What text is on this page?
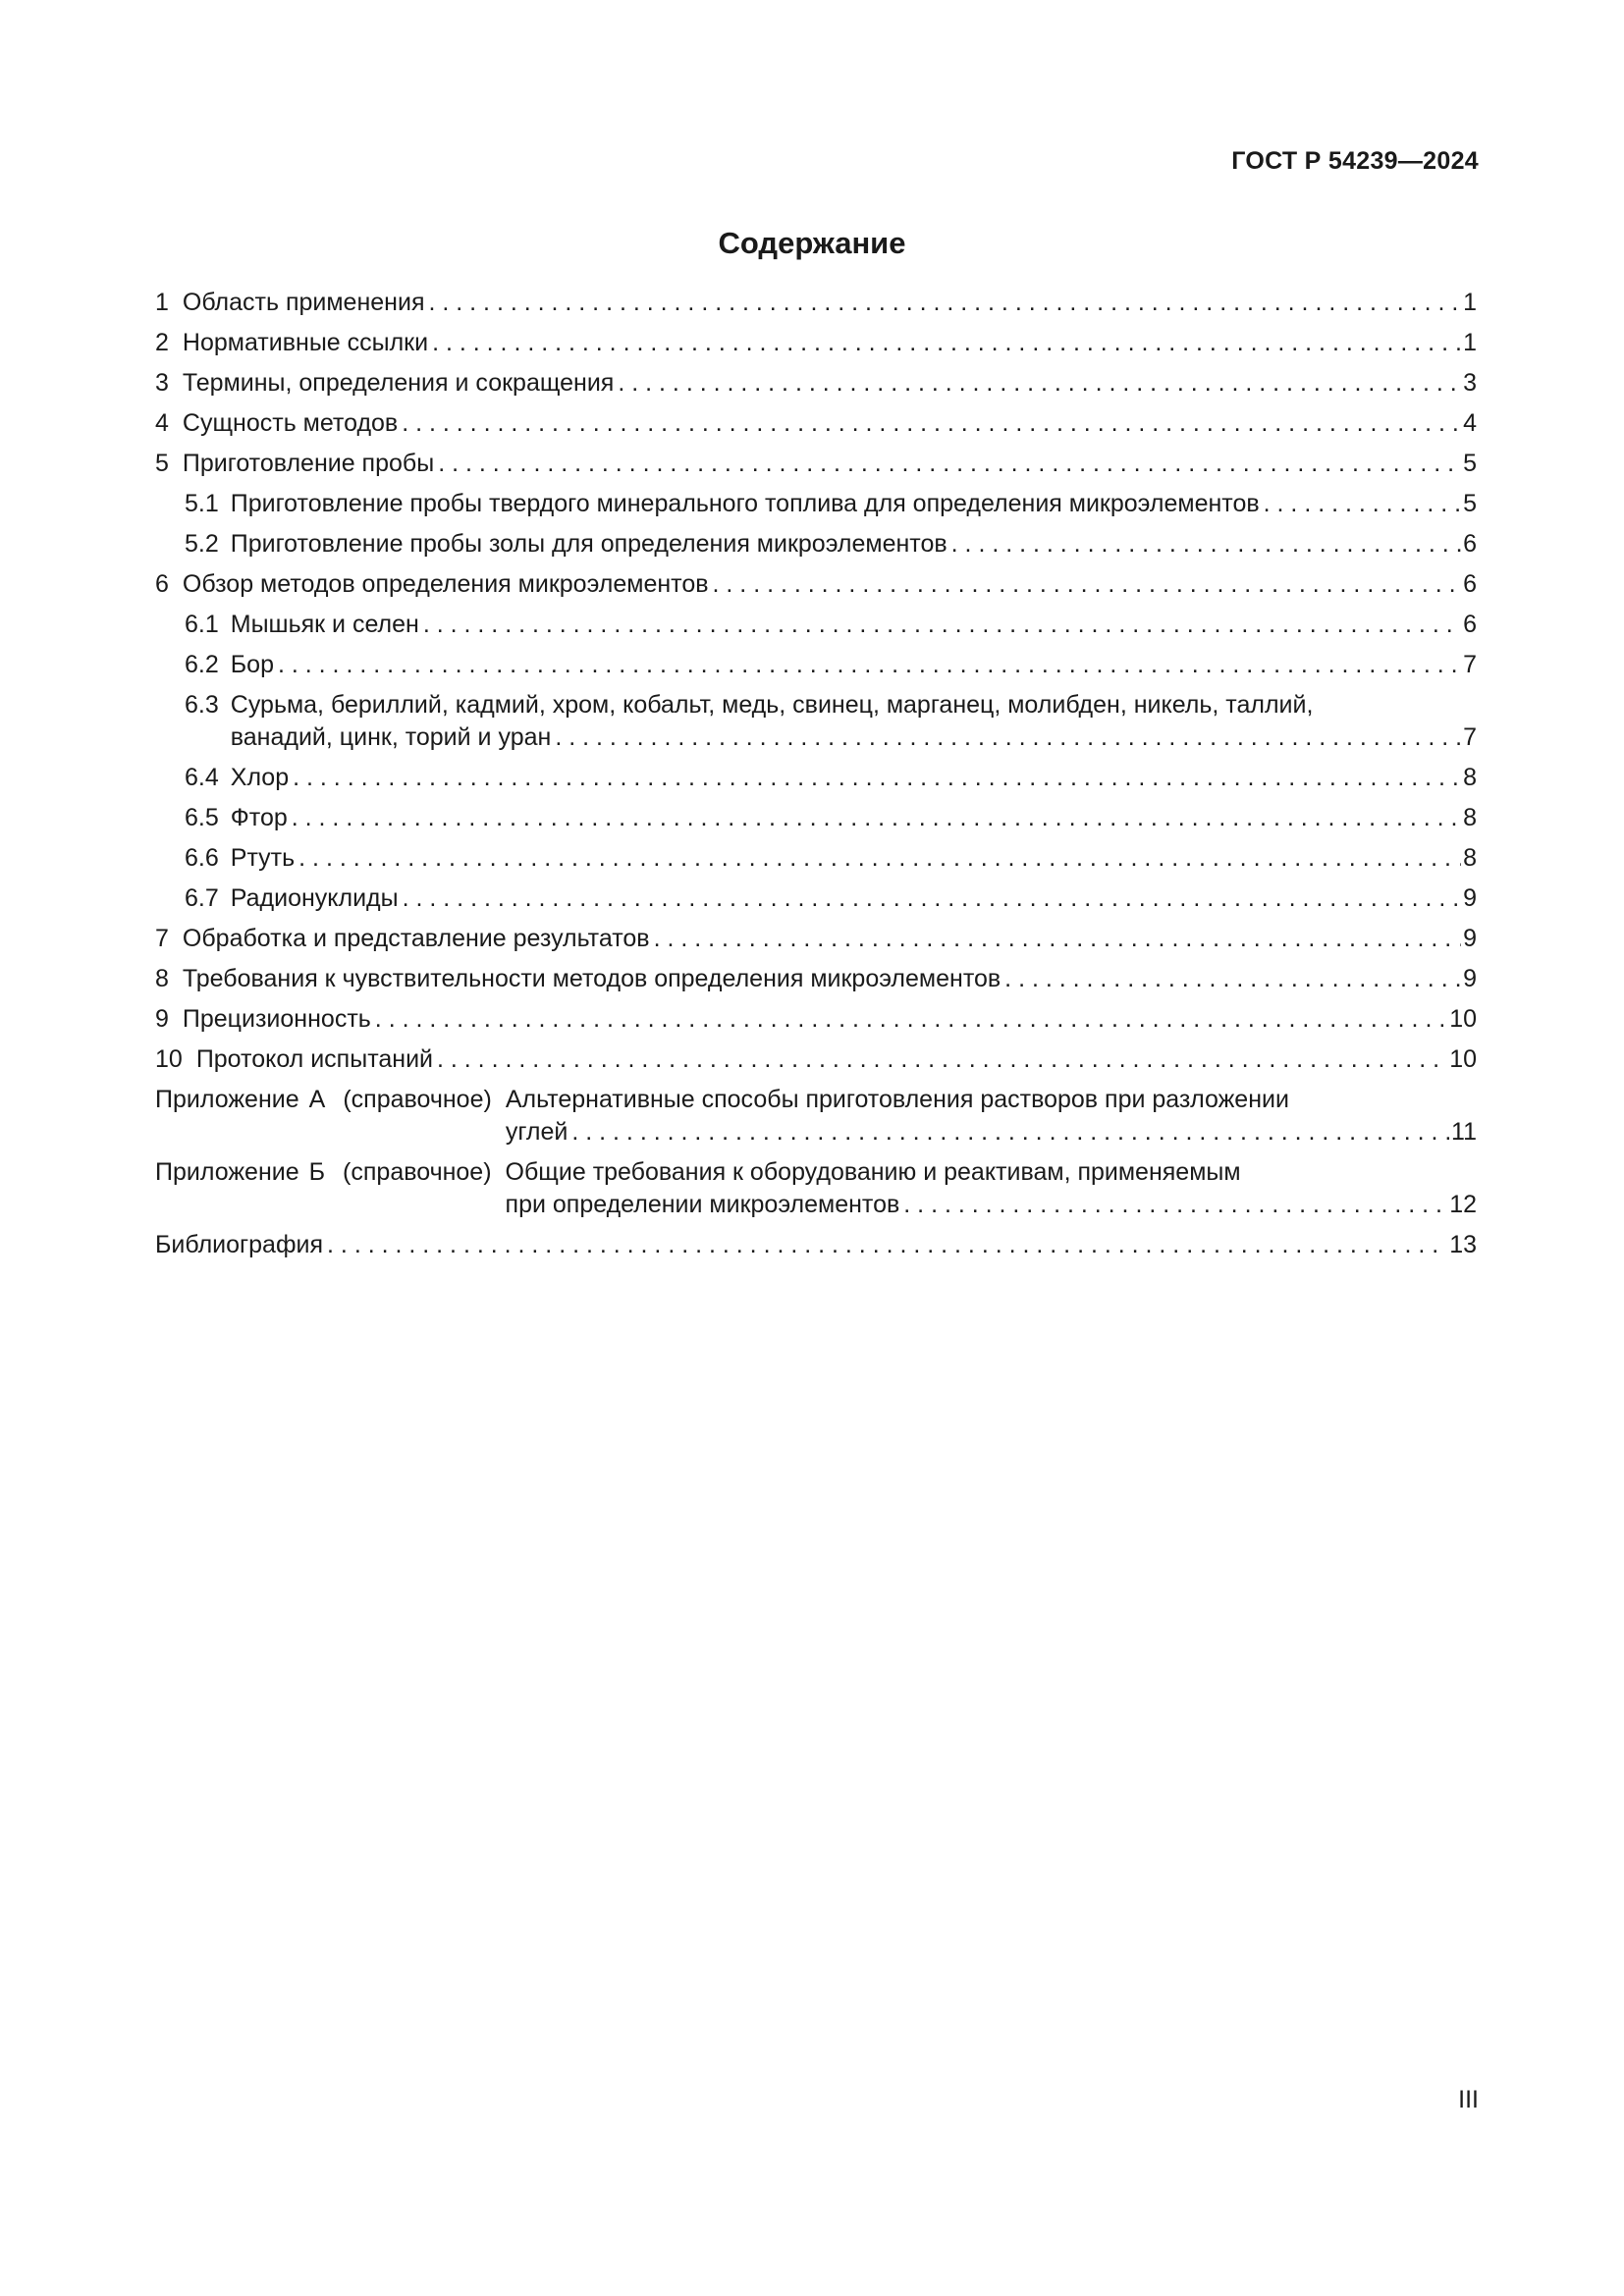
ГОСТ Р 54239—2024
Содержание
1 Область применения . . .	1
2 Нормативные ссылки . . .	1
3 Термины, определения и сокращения . . .	3
4 Сущность методов . . .	4
5 Приготовление пробы . . .	5
5.1 Приготовление пробы твердого минерального топлива для определения микроэлементов . . .	5
5.2 Приготовление пробы золы для определения микроэлементов . . .	6
6 Обзор методов определения микроэлементов . . .	6
6.1 Мышьяк и селен . . .	6
6.2 Бор . . .	7
6.3 Сурьма, бериллий, кадмий, хром, кобальт, медь, свинец, марганец, молибден, никель, таллий,
ванадий, цинк, торий и уран . . .	7
6.4 Хлор . . .	8
6.5 Фтор . . .	8
6.6 Ртуть . . .	8
6.7 Радионуклиды . . .	9
7 Обработка и представление результатов . . .	9
8 Требования к чувствительности методов определения микроэлементов . . .	9
9 Прецизионность . . .	10
10 Протокол испытаний . . .	10
Приложение А (справочное) Альтернативные способы приготовления растворов при разложении
углей . . .	11
Приложение Б (справочное) Общие требования к оборудованию и реактивам, применяемым
при определении микроэлементов . . .	12
Библиография . . .	13
III
